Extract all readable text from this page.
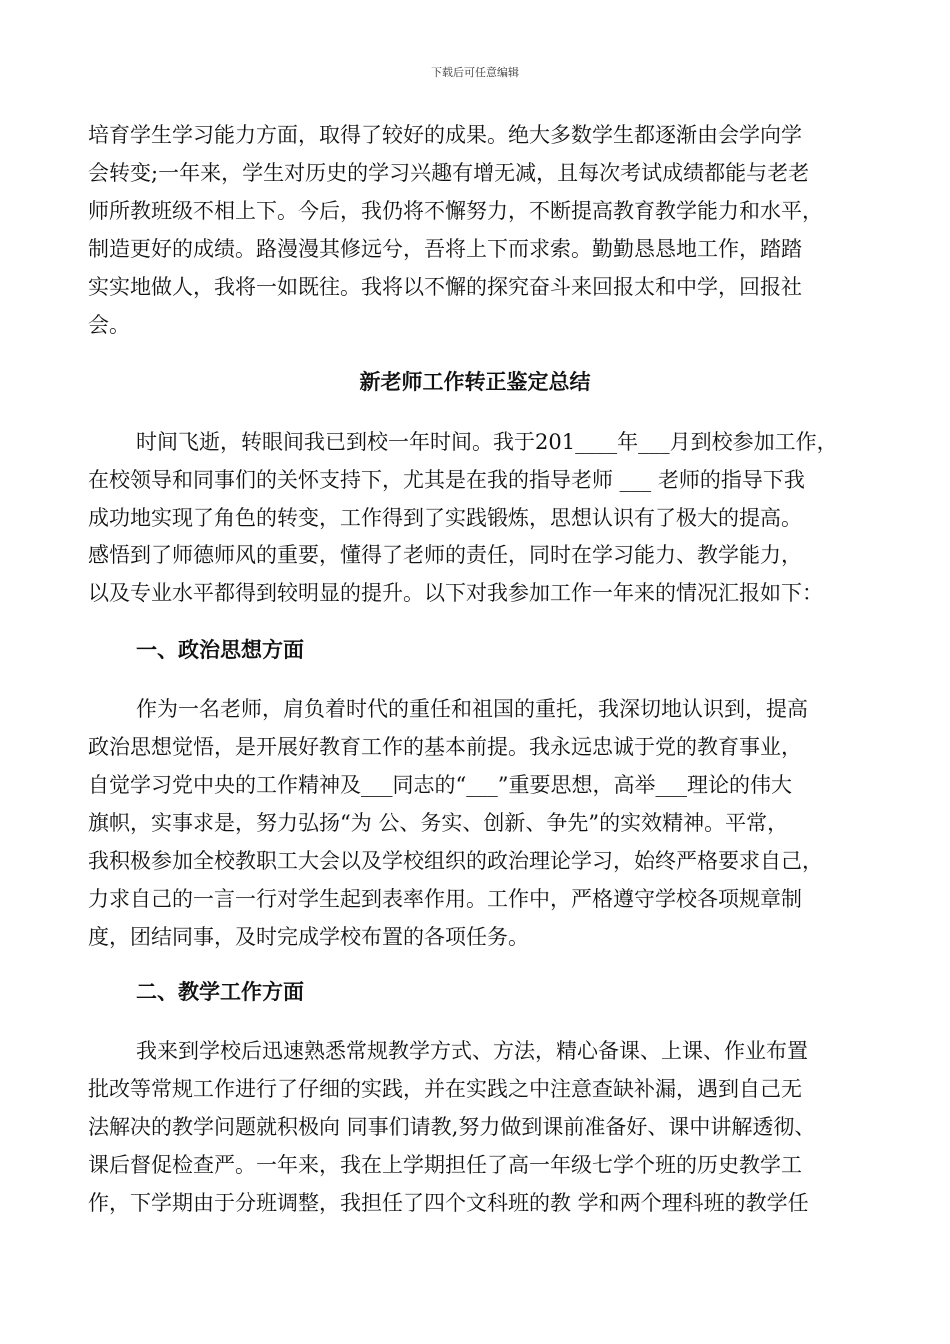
下载后可任意编辑
培育学生学习能力方面，取得了较好的成果。绝大多数学生都逐渐由会学向学
会转变;一年来，学生对历史的学习兴趣有增无减，且每次考试成绩都能与老老
师所教班级不相上下。今后，我仍将不懈努力，不断提高教育教学能力和水平，
制造更好的成绩。路漫漫其修远兮，吾将上下而求索。勤勤恳恳地工作，踏踏
实实地做人，我将一如既往。我将以不懈的探究奋斗来回报太和中学，回报社
会。
新老师工作转正鉴定总结
时间飞逝，转眼间我已到校一年时间。我于201____年___月到校参加工作，
在校领导和同事们的关怀支持下，尤其是在我的指导老师 ___ 老师的指导下我
成功地实现了角色的转变，工作得到了实践锻炼，思想认识有了极大的提高。
感悟到了师德师风的重要，懂得了老师的责任，同时在学习能力、教学能力，
以及专业水平都得到较明显的提升。以下对我参加工作一年来的情况汇报如下：
一、政治思想方面
作为一名老师，肩负着时代的重任和祖国的重托，我深切地认识到，提高
政治思想觉悟，是开展好教育工作的基本前提。我永远忠诚于党的教育事业，
自觉学习党中央的工作精神及___同志的“___”重要思想，高举___理论的伟大
旗帜，实事求是，努力弘扬“为 公、务实、创新、争先”的实效精神。平常，
我积极参加全校教职工大会以及学校组织的政治理论学习，始终严格要求自己，
力求自己的一言一行对学生起到表率作用。工作中，严格遵守学校各项规章制
度，团结同事，及时完成学校布置的各项任务。
二、教学工作方面
我来到学校后迅速熟悉常规教学方式、方法，精心备课、上课、作业布置
批改等常规工作进行了仔细的实践，并在实践之中注意查缺补漏，遇到自己无
法解决的教学问题就积极向 同事们请教,努力做到课前准备好、课中讲解透彻、
课后督促检查严。一年来，我在上学期担任了高一年级七学个班的历史教学工
作，下学期由于分班调整，我担任了四个文科班的教 学和两个理科班的教学任
